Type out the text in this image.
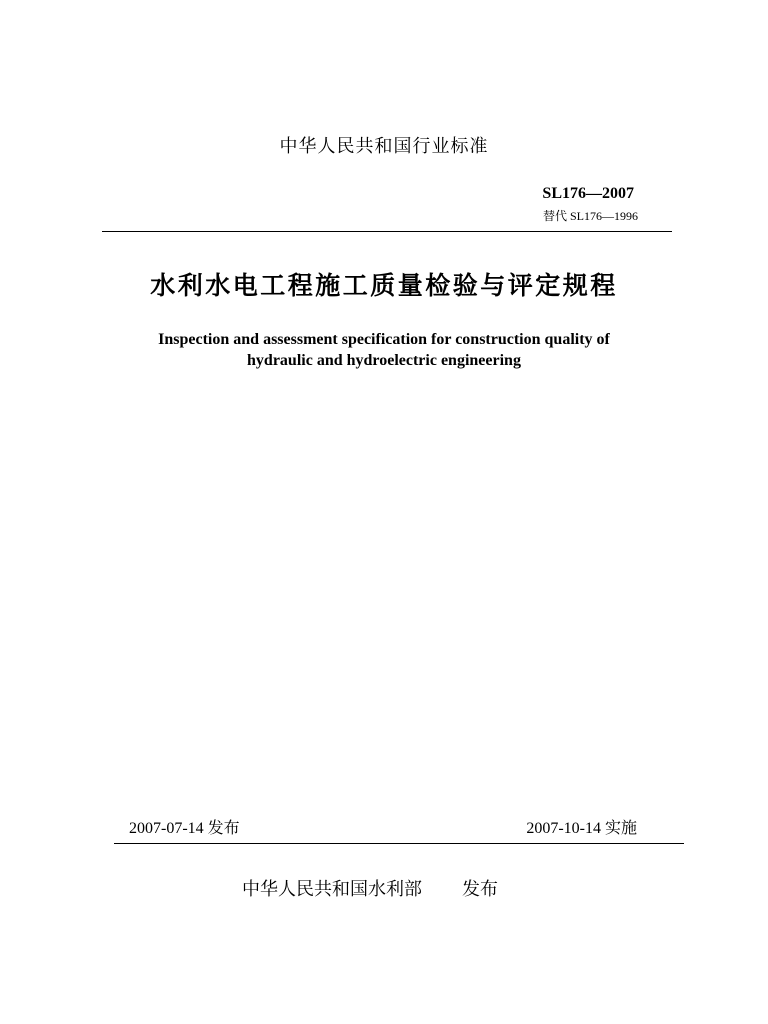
中华人民共和国行业标准
SL176—2007
替代 SL176—1996
水利水电工程施工质量检验与评定规程
Inspection and assessment specification for construction quality of
hydraulic and hydroelectric engineering
2007-07-14 发布	2007-10-14 实施
中华人民共和国水利部 发布
